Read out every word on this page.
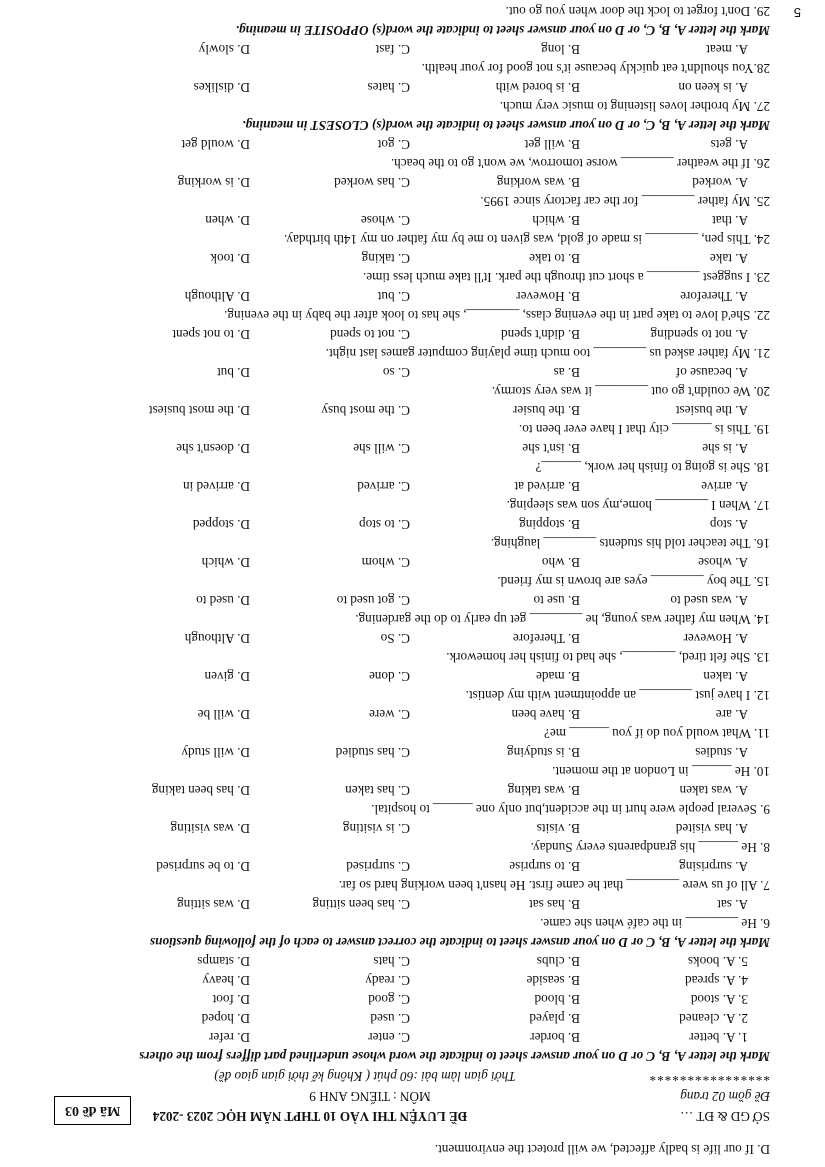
D. If our life is badly affected, we will protect the environment.
SỞ GD & ĐT …
ĐỀ LUYỆN THI VÀO 10 THPT NĂM HỌC 2023 -2024
Đề gồm 02 trang
MÔN : TIẾNG ANH 9
****************
Thời gian làm bài :60 phút ( Không kể thời gian giao đề)
Mã đề 03
Mark the letter A, B, C or D on your answer sheet to indicate the word whose underlined part differs from the others
1. A. better
B. border
C. enter
D. refer
2. A. cleaned
B. played
C. used
D. hoped
3. A. stood
B. blood
C. good
D. foot
4. A. spread
B. seaside
C. ready
D. heavy
5. A. books
B. clubs
C. hats
D. stamps
Mark the letter A, B, C or D on your answer sheet to indicate the correct answer to each of the following questions
6. He ________ in the café when she came.
A. sat
B. has sat
C. has been sitting
D. was sitting
7. All of us were ________ that he came first. He hasn't been working hard so far.
A. surprising
B. to surprise
C. surprised
D. to be surprised
8. He ______ his grandparents every Sunday.
A. has visited
B. visits
C. is visiting
D. was visiting
9. Several people were hurt in the accident,but only one ______ to hospital.
A. was taken
B. was taking
C. has taken
D. has been taking
10. He ______ in London at the moment.
A. studies
B. is studying
C. has studied
D. will study
11. What would you do if you ______ me?
A. are
B. have been
C. were
D. will be
12. I have just ________ an appointment with my dentist.
A. taken
B. made
C. done
D. given
13. She felt tired, ________, she had to finish her homework.
A. However
B. Therefore
C. So
D. Although
14. When my father was young, he ________ get up early to do the gardening.
A. was used to
B. use to
C. got used to
D. used to
15. The boy ________ eyes are brown is my friend.
A. whose
B. who
C. whom
D. which
16. The teacher told his students ________ laughing.
A. stop
B. stopping
C. to stop
D. stopped
17. When I ________ home,my son was sleeping.
A. arrive
B. arrived at
C. arrived
D. arrived in
18. She is going to finish her work, ______?
A. is she
B. isn't she
C. will she
D. doesn't she
19. This is ______ city that I have ever been to.
A. the busiest
B. the busier
C. the most busy
D. the most busiest
20. We couldn't go out ________ it was very stormy.
A. because of
B. as
C. so
D. but
21. My father asked us ________ too much time playing computer games last night.
A. not to spending
B. didn't spend
C. not to spend
D. to not spent
22. She'd love to take part in the evening class, ________, she has to look after the baby in the evening.
A. Therefore
B. However
C. but
D. Although
23. I suggest ________ a short cut through the park. It'll take much less time.
A. take
B. to take
C. taking
D. took
24. This pen, ________ is made of gold, was given to me by my father on my 14th birthday.
A. that
B. which
C. whose
D. when
25. My father ________ for the car factory since 1995.
A. worked
B. was working
C. has worked
D. is working
26. If the weather ________ worse tomorrow, we won't go to the beach.
A. gets
B. will get
C. got
D. would get
Mark the letter A, B, C, or D on your answer sheet to indicate the word(s) CLOSEST in meaning.
27. My brother loves listening to music very much.
A. is keen on
B. is bored with
C. hates
D. dislikes
28.You shouldn't eat quickly because it's not good for your health.
A. meat
B. long
C. fast
D. slowly
Mark the letter A, B, C, or D on your answer sheet to indicate the word(s) OPPOSITE in meaning.
29. Don't forget to lock the door when you go out. 5
